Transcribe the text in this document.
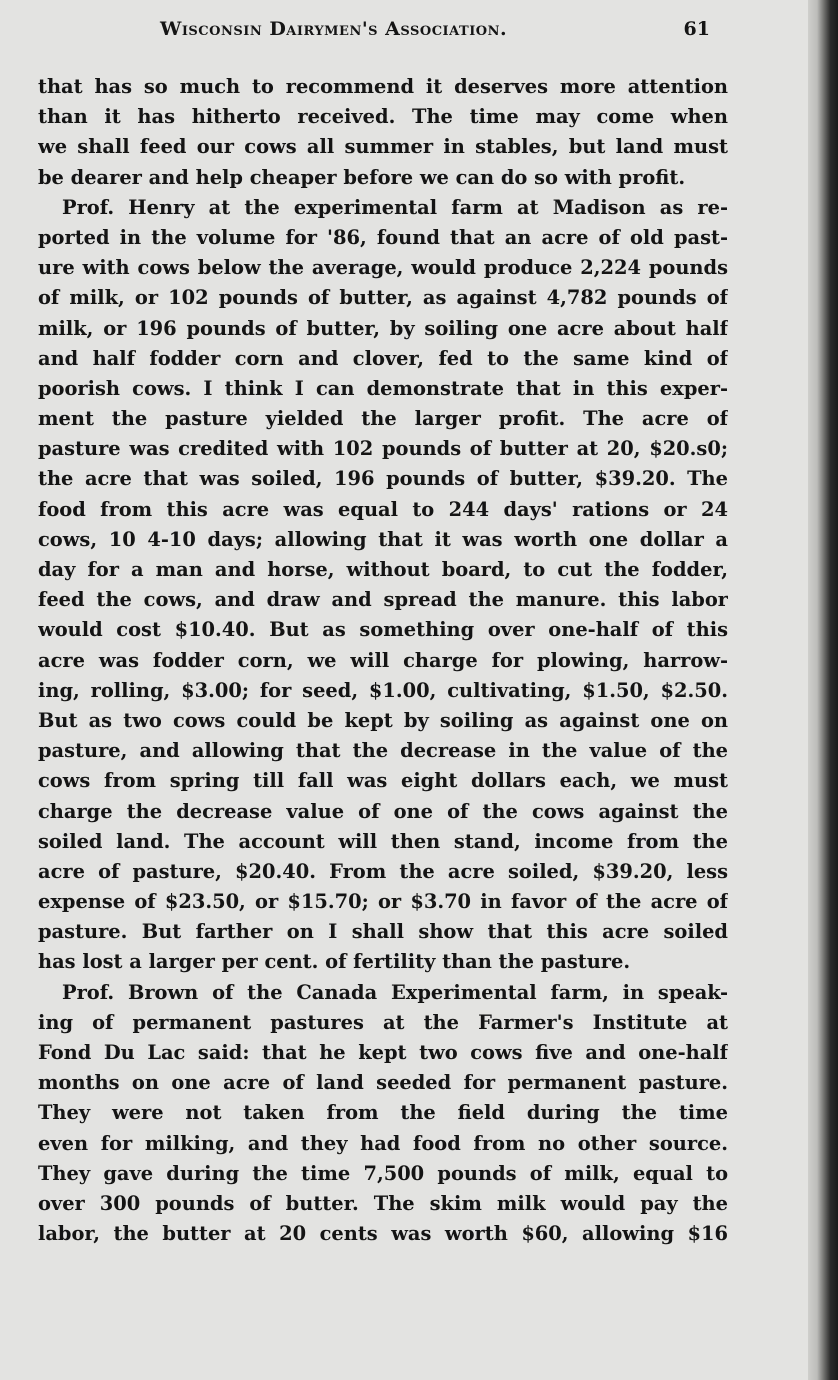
Wisconsin Dairymen's Association.	61
that has so much to recommend it deserves more attention
than it has hitherto received. The time may come when
we shall feed our cows all summer in stables, but land must
be dearer and help cheaper before we can do so with profit.
Prof. Henry at the experimental farm at Madison as re-
ported in the volume for '86, found that an acre of old past-
ure with cows below the average, would produce 2,224 pounds
of milk, or 102 pounds of butter, as against 4,782 pounds of
milk, or 196 pounds of butter, by soiling one acre about half
and half fodder corn and clover, fed to the same kind of
poorish cows. I think I can demonstrate that in this exper-
ment the pasture yielded the larger profit. The acre of
pasture was credited with 102 pounds of butter at 20, $20.s0;
the acre that was soiled, 196 pounds of butter, $39.20. The
food from this acre was equal to 244 days' rations or 24
cows, 10 4-10 days; allowing that it was worth one dollar a
day for a man and horse, without board, to cut the fodder,
feed the cows, and draw and spread the manure. this labor
would cost $10.40. But as something over one-half of this
acre was fodder corn, we will charge for plowing, harrow-
ing, rolling, $3.00; for seed, $1.00, cultivating, $1.50, $2.50.
But as two cows could be kept by soiling as against one on
pasture, and allowing that the decrease in the value of the
cows from spring till fall was eight dollars each, we must
charge the decrease value of one of the cows against the
soiled land. The account will then stand, income from the
acre of pasture, $20.40. From the acre soiled, $39.20, less
expense of $23.50, or $15.70; or $3.70 in favor of the acre of
pasture. But farther on I shall show that this acre soiled
has lost a larger per cent. of fertility than the pasture.
Prof. Brown of the Canada Experimental farm, in speak-
ing of permanent pastures at the Farmer's Institute at
Fond Du Lac said: that he kept two cows five and one-half
months on one acre of land seeded for permanent pasture.
They were not taken from the field during the time
even for milking, and they had food from no other source.
They gave during the time 7,500 pounds of milk, equal to
over 300 pounds of butter. The skim milk would pay the
labor, the butter at 20 cents was worth $60, allowing $16
